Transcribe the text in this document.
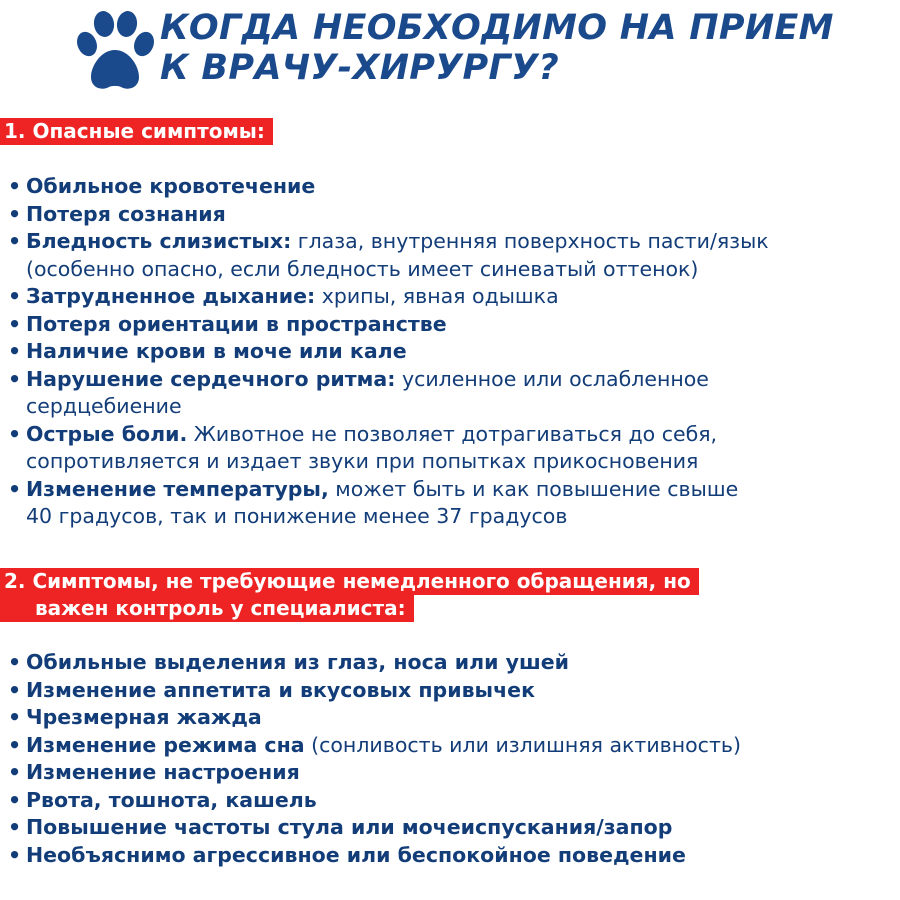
КОГДА НЕОБХОДИМО НА ПРИЕМ
К ВРАЧУ-ХИРУРГУ?
1. Опасные симптомы:
• Обильное кровотечение
• Потеря сознания
• Бледность слизистых: глаза, внутренняя поверхность пасти/язык
(особенно опасно, если бледность имеет синеватый оттенок)
• Затрудненное дыхание: хрипы, явная одышка
• Потеря ориентации в пространстве
• Наличие крови в моче или кале
• Нарушение сердечного ритма: усиленное или ослабленное
сердцебиение
• Острые боли. Животное не позволяет дотрагиваться до себя,
сопротивляется и издает звуки при попытках прикосновения
• Изменение температуры, может быть и как повышение свыше
40 градусов, так и понижение менее 37 градусов
2. Симптомы, не требующие немедленного обращения, но
важен контроль у специалиста:
• Обильные выделения из глаз, носа или ушей
• Изменение аппетита и вкусовых привычек
• Чрезмерная жажда
• Изменение режима сна (сонливость или излишняя активность)
• Изменение настроения
• Рвота, тошнота, кашель
• Повышение частоты стула или мочеиспускания/запор
• Необъяснимо агрессивное или беспокойное поведение
